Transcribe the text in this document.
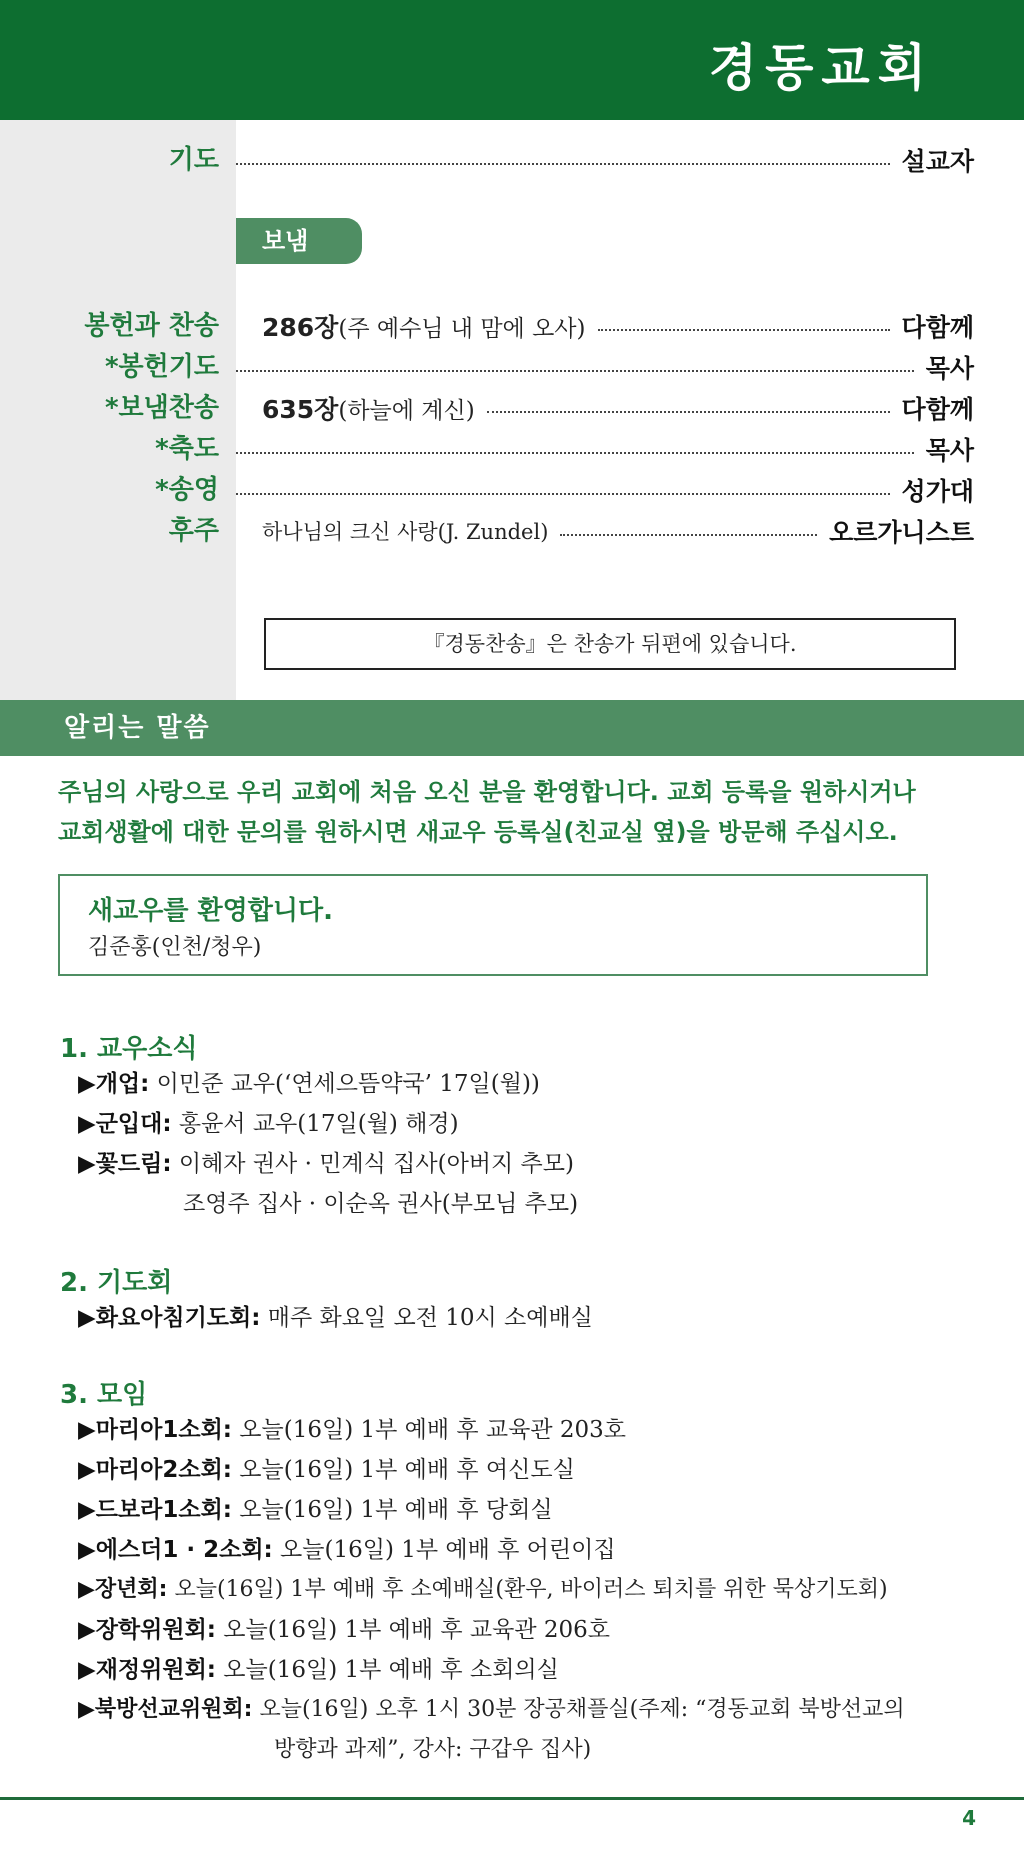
경동교회
기도	설교자
보냄
봉헌과 찬송	286장(주 예수님 내 맘에 오사)	다함께
*봉헌기도	목사
*보냄찬송	635장(하늘에 계신)	다함께
*축도	목사
*송영	성가대
후주	하나님의 크신 사랑(J. Zundel)	오르가니스트
『경동찬송』은 찬송가 뒤편에 있습니다.
알리는 말씀
주님의 사랑으로 우리 교회에 처음 오신 분을 환영합니다. 교회 등록을 원하시거나
교회생활에 대한 문의를 원하시면 새교우 등록실(친교실 옆)을 방문해 주십시오.
새교우를 환영합니다.
김준홍(인천/청우)
1. 교우소식
▶개업: 이민준 교우(‘연세으뜸약국’ 17일(월))
▶군입대: 홍윤서 교우(17일(월) 해경)
▶꽃드림: 이혜자 권사 · 민계식 집사(아버지 추모)
조영주 집사 · 이순옥 권사(부모님 추모)
2. 기도회
▶화요아침기도회: 매주 화요일 오전 10시 소예배실
3. 모임
▶마리아1소회: 오늘(16일) 1부 예배 후 교육관 203호
▶마리아2소회: 오늘(16일) 1부 예배 후 여신도실
▶드보라1소회: 오늘(16일) 1부 예배 후 당회실
▶에스더1 · 2소회: 오늘(16일) 1부 예배 후 어린이집
▶장년회: 오늘(16일) 1부 예배 후 소예배실(환우, 바이러스 퇴치를 위한 묵상기도회)
▶장학위원회: 오늘(16일) 1부 예배 후 교육관 206호
▶재정위원회: 오늘(16일) 1부 예배 후 소회의실
▶북방선교위원회: 오늘(16일) 오후 1시 30분 장공채플실(주제: “경동교회 북방선교의
방향과 과제”, 강사: 구갑우 집사)
4
